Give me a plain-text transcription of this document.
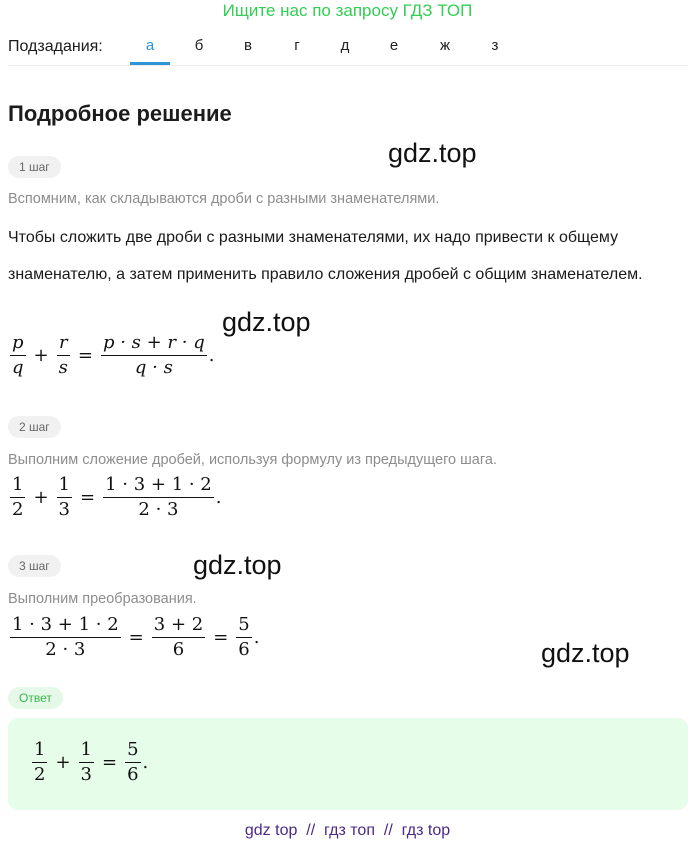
Ищите нас по запросу ГДЗ ТОП
Подзадания:	а	б	в	г	д	е	ж	з
Подробное решение
gdz.top
gdz.top
gdz.top
gdz.top
1 шаг
Вспомним, как складываются дроби с разными знаменателями.
Чтобы сложить две дроби с разными знаменателями, их надо привести к общему знаменателю, а затем применить правило сложения дробей с общим знаменателем.
$\frac{p}{q} + \frac{r}{s} = \frac{p \cdot s + r \cdot q}{q \cdot s}$ .
2 шаг
Выполним сложение дробей, используя формулу из предыдущего шага.
$\frac{1}{2} + \frac{1}{3} = \frac{1 \cdot 3 + 1 \cdot 2}{2 \cdot 3}$ .
3 шаг
Выполним преобразования.
$\frac{1 \cdot 3 + 1 \cdot 2}{2 \cdot 3} = \frac{3 + 2}{6} = \frac{5}{6}$ .
Ответ
$\frac{1}{2} + \frac{1}{3} = \frac{5}{6}$ .
gdz top  //  гдз топ  //  гдз top
